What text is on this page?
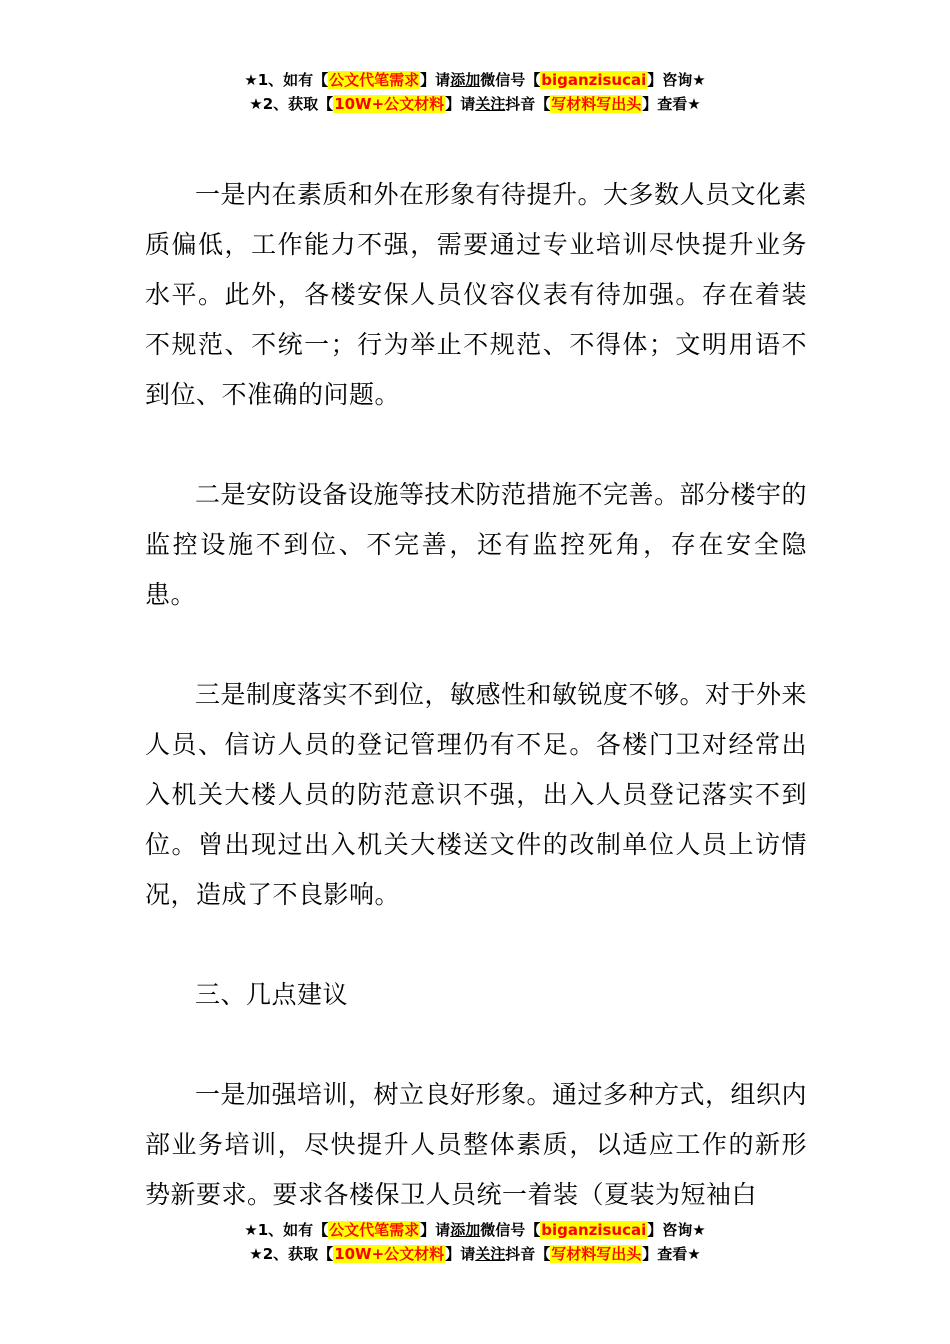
★1、如有【公文代笔需求】请添加微信号【biganzisucai】咨询★
★2、获取【10W+公文材料】请关注抖音【写材料写出头】查看★

一是内在素质和外在形象有待提升。大多数人员文化素质偏低，工作能力不强，需要通过专业培训尽快提升业务水平。此外，各楼安保人员仪容仪表有待加强。存在着装不规范、不统一；行为举止不规范、不得体；文明用语不到位、不准确的问题。

二是安防设备设施等技术防范措施不完善。部分楼宇的监控设施不到位、不完善，还有监控死角，存在安全隐患。

三是制度落实不到位，敏感性和敏锐度不够。对于外来人员、信访人员的登记管理仍有不足。各楼门卫对经常出入机关大楼人员的防范意识不强，出入人员登记落实不到位。曾出现过出入机关大楼送文件的改制单位人员上访情况，造成了不良影响。

三、几点建议

一是加强培训，树立良好形象。通过多种方式，组织内部业务培训，尽快提升人员整体素质，以适应工作的新形势新要求。要求各楼保卫人员统一着装（夏装为短袖白

★1、如有【公文代笔需求】请添加微信号【biganzisucai】咨询★
★2、获取【10W+公文材料】请关注抖音【写材料写出头】查看★
